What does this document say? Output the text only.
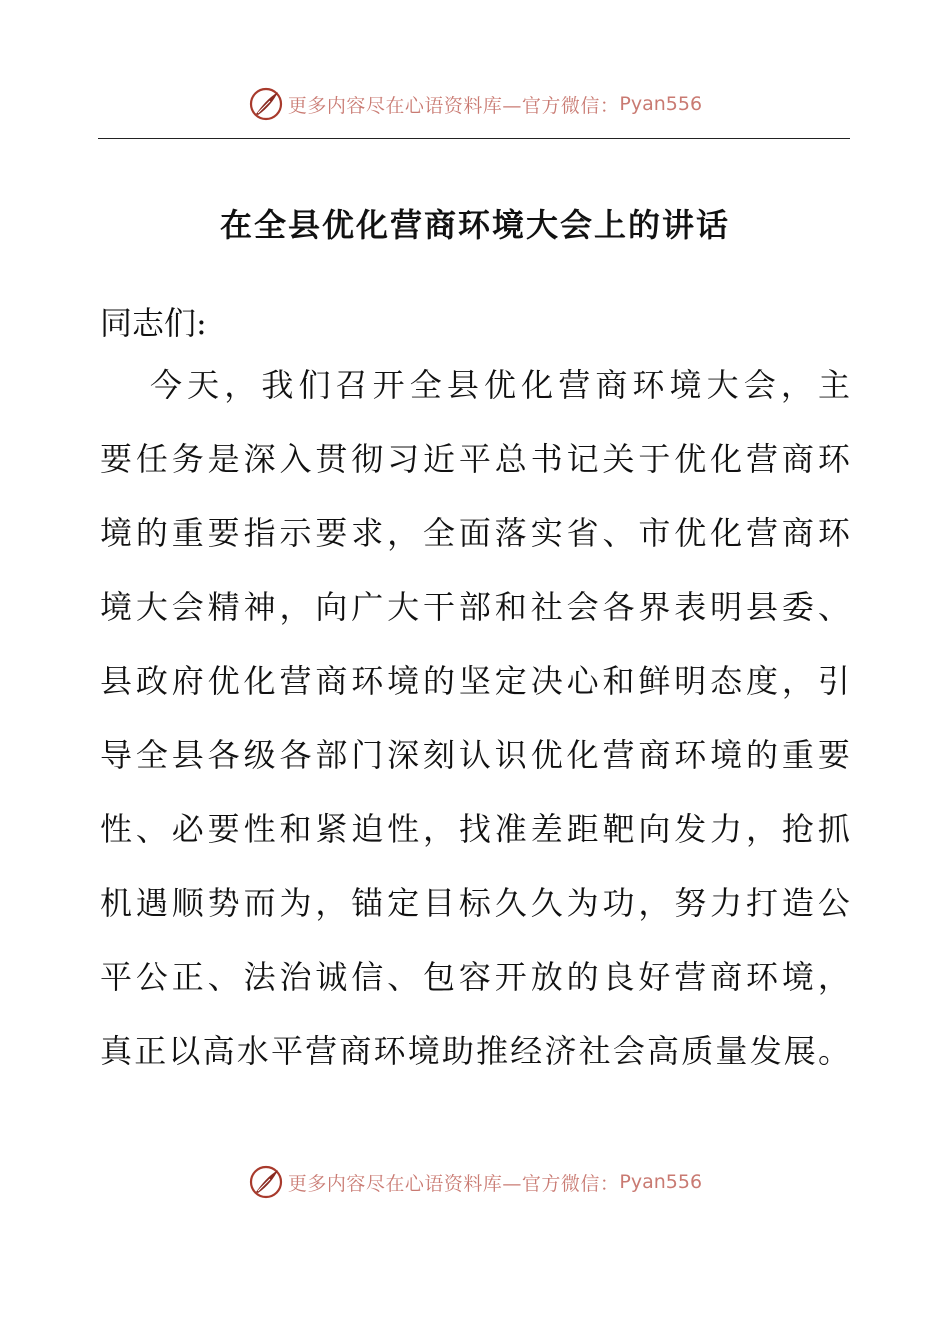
更多内容尽在心语资料库—官方微信： Pyan556
在全县优化营商环境大会上的讲话
同志们:
今 天 ， 我 们 召 开 全 县 优 化 营 商 环 境 大 会 ， 主
要 任 务 是 深 入 贯 彻 习 近 平 总 书 记 关 于 优 化 营 商 环
境 的 重 要 指 示 要 求 ， 全 面 落 实 省 、 市 优 化 营 商 环
境 大 会 精 神 ， 向 广 大 干 部 和 社 会 各 界 表 明 县 委 、
县 政 府 优 化 营 商 环 境 的 坚 定 决 心 和 鲜 明 态 度 ， 引
导 全 县 各 级 各 部 门 深 刻 认 识 优 化 营 商 环 境 的 重 要
性 、 必 要 性 和 紧 迫 性 ， 找 准 差 距 靶 向 发 力 ， 抢 抓
机 遇 顺 势 而 为 ， 锚 定 目 标 久 久 为 功 ， 努 力 打 造 公
平 公 正 、 法 治 诚 信 、 包 容 开 放 的 良 好 营 商 环 境 ，
真 正 以 高 水 平 营 商 环 境 助 推 经 济 社 会 高 质 量 发 展 。
更多内容尽在心语资料库—官方微信： Pyan556
